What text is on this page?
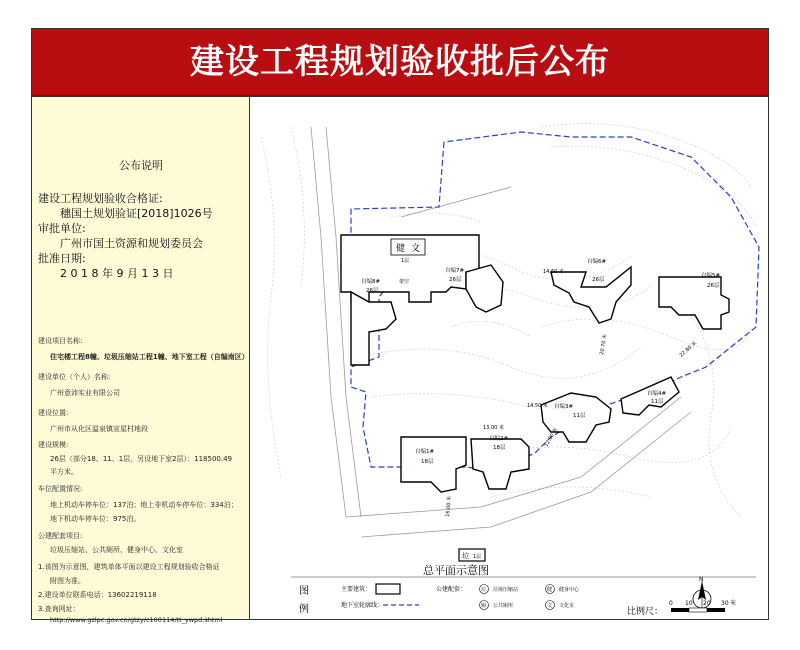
建设工程规划验收批后公布
公布说明
建设工程规划验收合格证:
穗国土规划验证[2018]1026号
审批单位:
广州市国土资源和规划委员会
批准日期:
2 0 1 8 年 9 月 1 3 日
建设项目名称:
住宅楼工程8幢、垃圾压缩站工程1幢、地下室工程（自编南区）
建设单位（个人）名称:
广州意沛实业有限公司
建设位置:
广州市从化区温泉镇宣星村地段
建设规模:
26层（部分18、11、1层，另设地下室2层）：118500.49
平方米。
车位配置情况:
地上机动车停车位：137泊；地上非机动车停车位：334泊；
地下机动车停车位：975泊。
公建配套项目:
垃圾压缩站、公共厕所、健身中心、文化室
1.该图为示意图，建筑单体平面以建设工程规划验收合格证
附图为准。
2.建设单位联系电话：13602219118
3.查询网址：
http://www.gzlpc.gov.cn/gtzy/c100114/tt_ywpd.shtml
健 文
1层
架空
垃 1层
自编8#
26层
自编7#
26层
自编6#
26层
自编5#
26层
自编4#
11层
自编3#
11层
自编2#
18层
自编1#
18层
14.60 米
14.50 米
13.00 米	12.90 米
16.00 米
20.70 米	22.80 米
总平面示意图
图
例
主要建筑：
地下室轮廓线：
公建配套：	垃 垃圾压缩站	健 健身中心
厕 公共厕所	文 文化室
N
比例尺：
0 10 20 30 米
